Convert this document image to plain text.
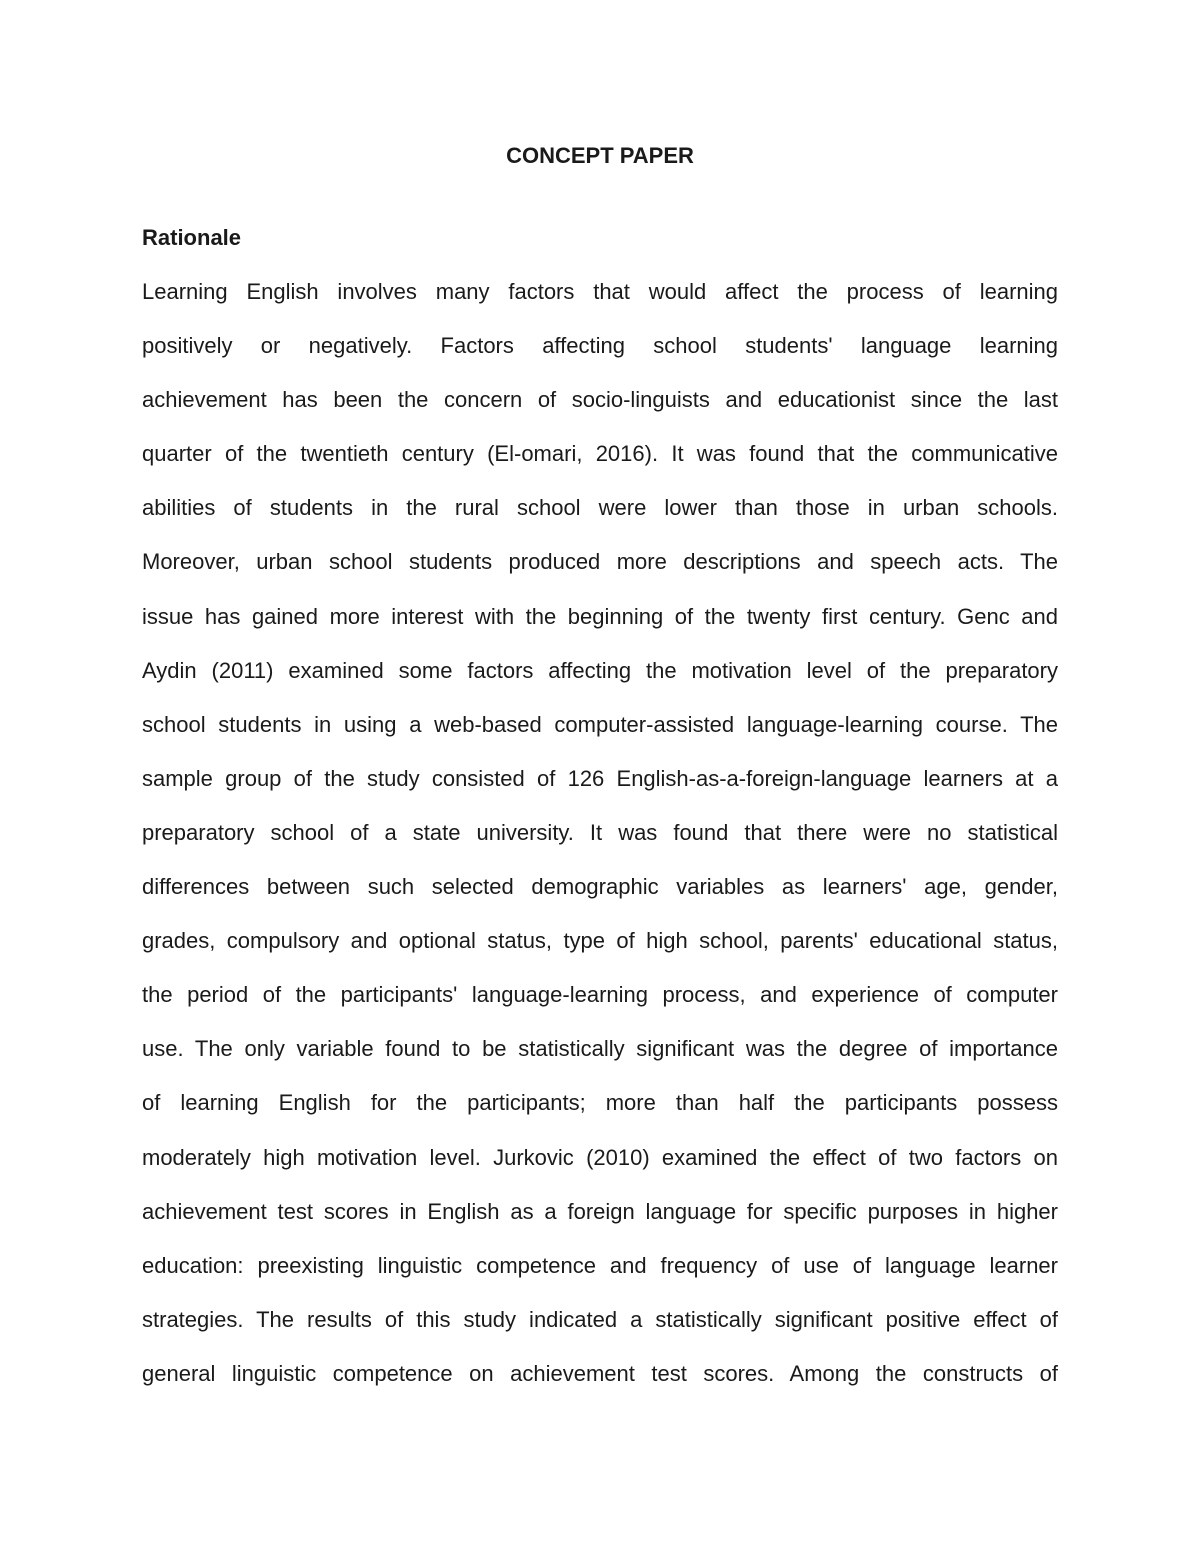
CONCEPT PAPER
Rationale
Learning English involves many factors that would affect the process of learning
positively or negatively. Factors affecting school students' language learning
achievement has been the concern of socio-linguists and educationist since the last
quarter of the twentieth century (El-omari, 2016). It was found that the communicative
abilities of students in the rural school were lower than those in urban schools.
Moreover, urban school students produced more descriptions and speech acts. The
issue has gained more interest with the beginning of the twenty first century. Genc and
Aydin (2011) examined some factors affecting the motivation level of the preparatory
school students in using a web-based computer-assisted language-learning course. The
sample group of the study consisted of 126 English-as-a-foreign-language learners at a
preparatory school of a state university. It was found that there were no statistical
differences between such selected demographic variables as learners' age, gender,
grades, compulsory and optional status, type of high school, parents' educational status,
the period of the participants' language-learning process, and experience of computer
use. The only variable found to be statistically significant was the degree of importance
of learning English for the participants; more than half the participants possess
moderately high motivation level. Jurkovic (2010) examined the effect of two factors on
achievement test scores in English as a foreign language for specific purposes in higher
education: preexisting linguistic competence and frequency of use of language learner
strategies. The results of this study indicated a statistically significant positive effect of
general linguistic competence on achievement test scores. Among the constructs of
